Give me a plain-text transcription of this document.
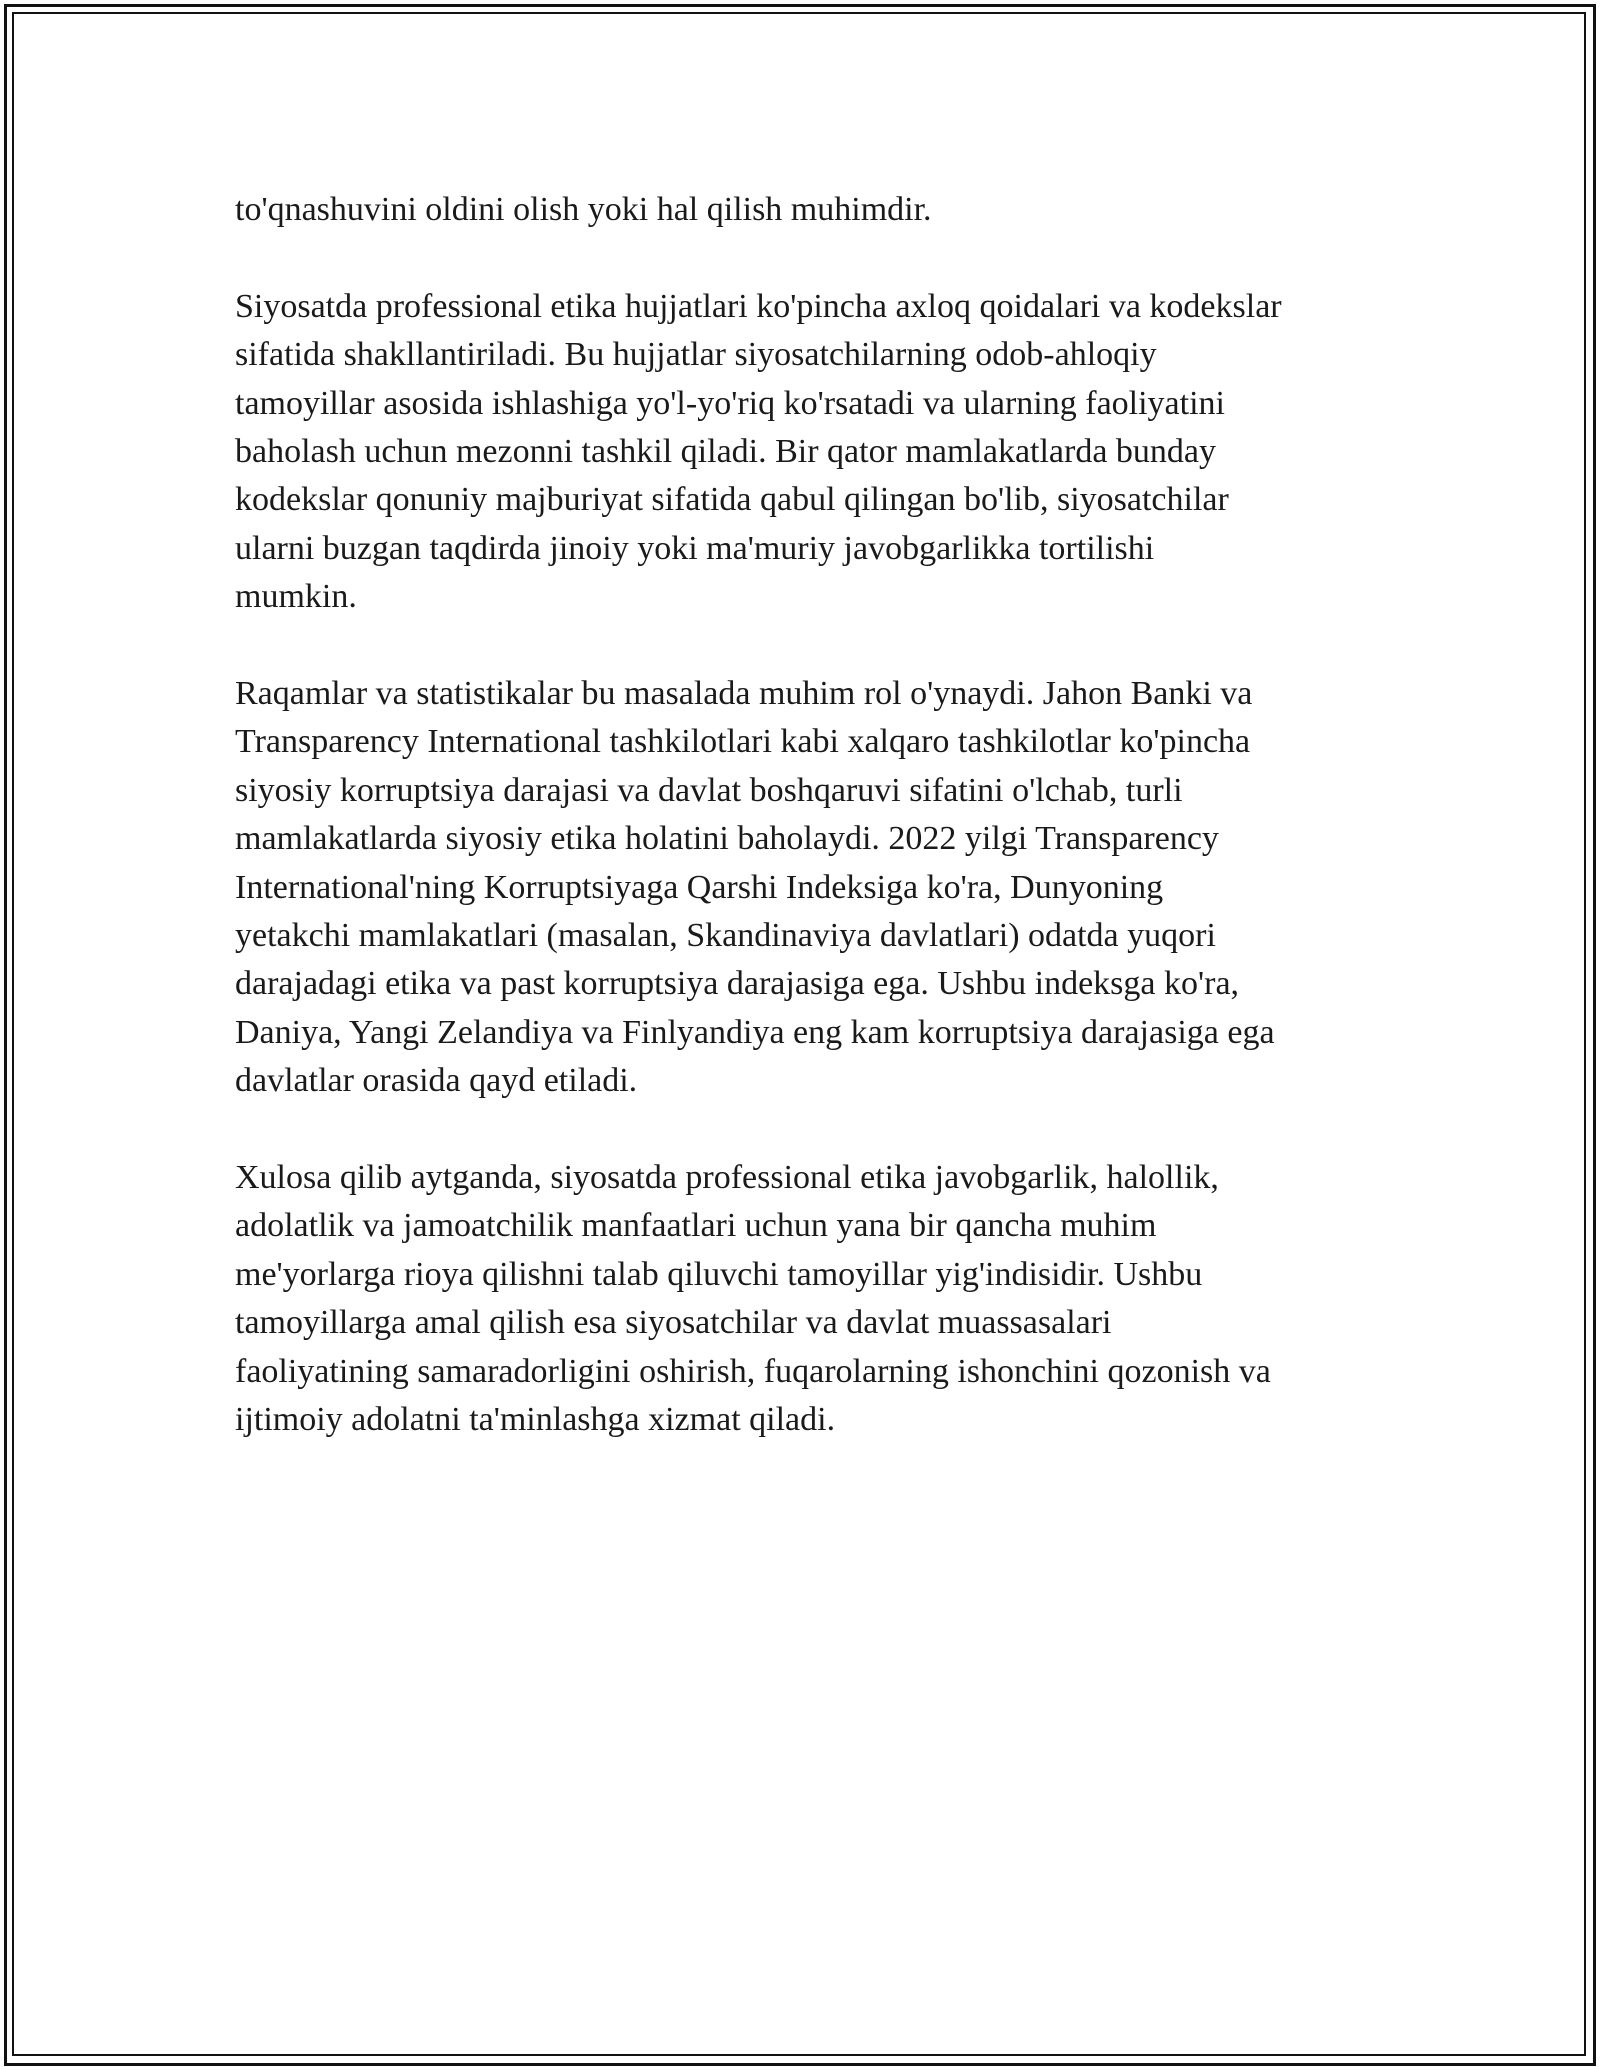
to'qnashuvini oldini olish yoki hal qilish muhimdir.

Siyosatda professional etika hujjatlari ko'pincha axloq qoidalari va kodekslar
sifatida shakllantiriladi. Bu hujjatlar siyosatchilarning odob-ahloqiy
tamoyillar asosida ishlashiga yo'l-yo'riq ko'rsatadi va ularning faoliyatini
baholash uchun mezonni tashkil qiladi. Bir qator mamlakatlarda bunday
kodekslar qonuniy majburiyat sifatida qabul qilingan bo'lib, siyosatchilar
ularni buzgan taqdirda jinoiy yoki ma'muriy javobgarlikka tortilishi
mumkin.

Raqamlar va statistikalar bu masalada muhim rol o'ynaydi. Jahon Banki va
Transparency International tashkilotlari kabi xalqaro tashkilotlar ko'pincha
siyosiy korruptsiya darajasi va davlat boshqaruvi sifatini o'lchab, turli
mamlakatlarda siyosiy etika holatini baholaydi. 2022 yilgi Transparency
International'ning Korruptsiyaga Qarshi Indeksiga ko'ra, Dunyoning
yetakchi mamlakatlari (masalan, Skandinaviya davlatlari) odatda yuqori
darajadagi etika va past korruptsiya darajasiga ega. Ushbu indeksga ko'ra,
Daniya, Yangi Zelandiya va Finlyandiya eng kam korruptsiya darajasiga ega
davlatlar orasida qayd etiladi.

Xulosa qilib aytganda, siyosatda professional etika javobgarlik, halollik,
adolatlik va jamoatchilik manfaatlari uchun yana bir qancha muhim
me'yorlarga rioya qilishni talab qiluvchi tamoyillar yig'indisidir. Ushbu
tamoyillarga amal qilish esa siyosatchilar va davlat muassasalari
faoliyatining samaradorligini oshirish, fuqarolarning ishonchini qozonish va
ijtimoiy adolatni ta'minlashga xizmat qiladi.
